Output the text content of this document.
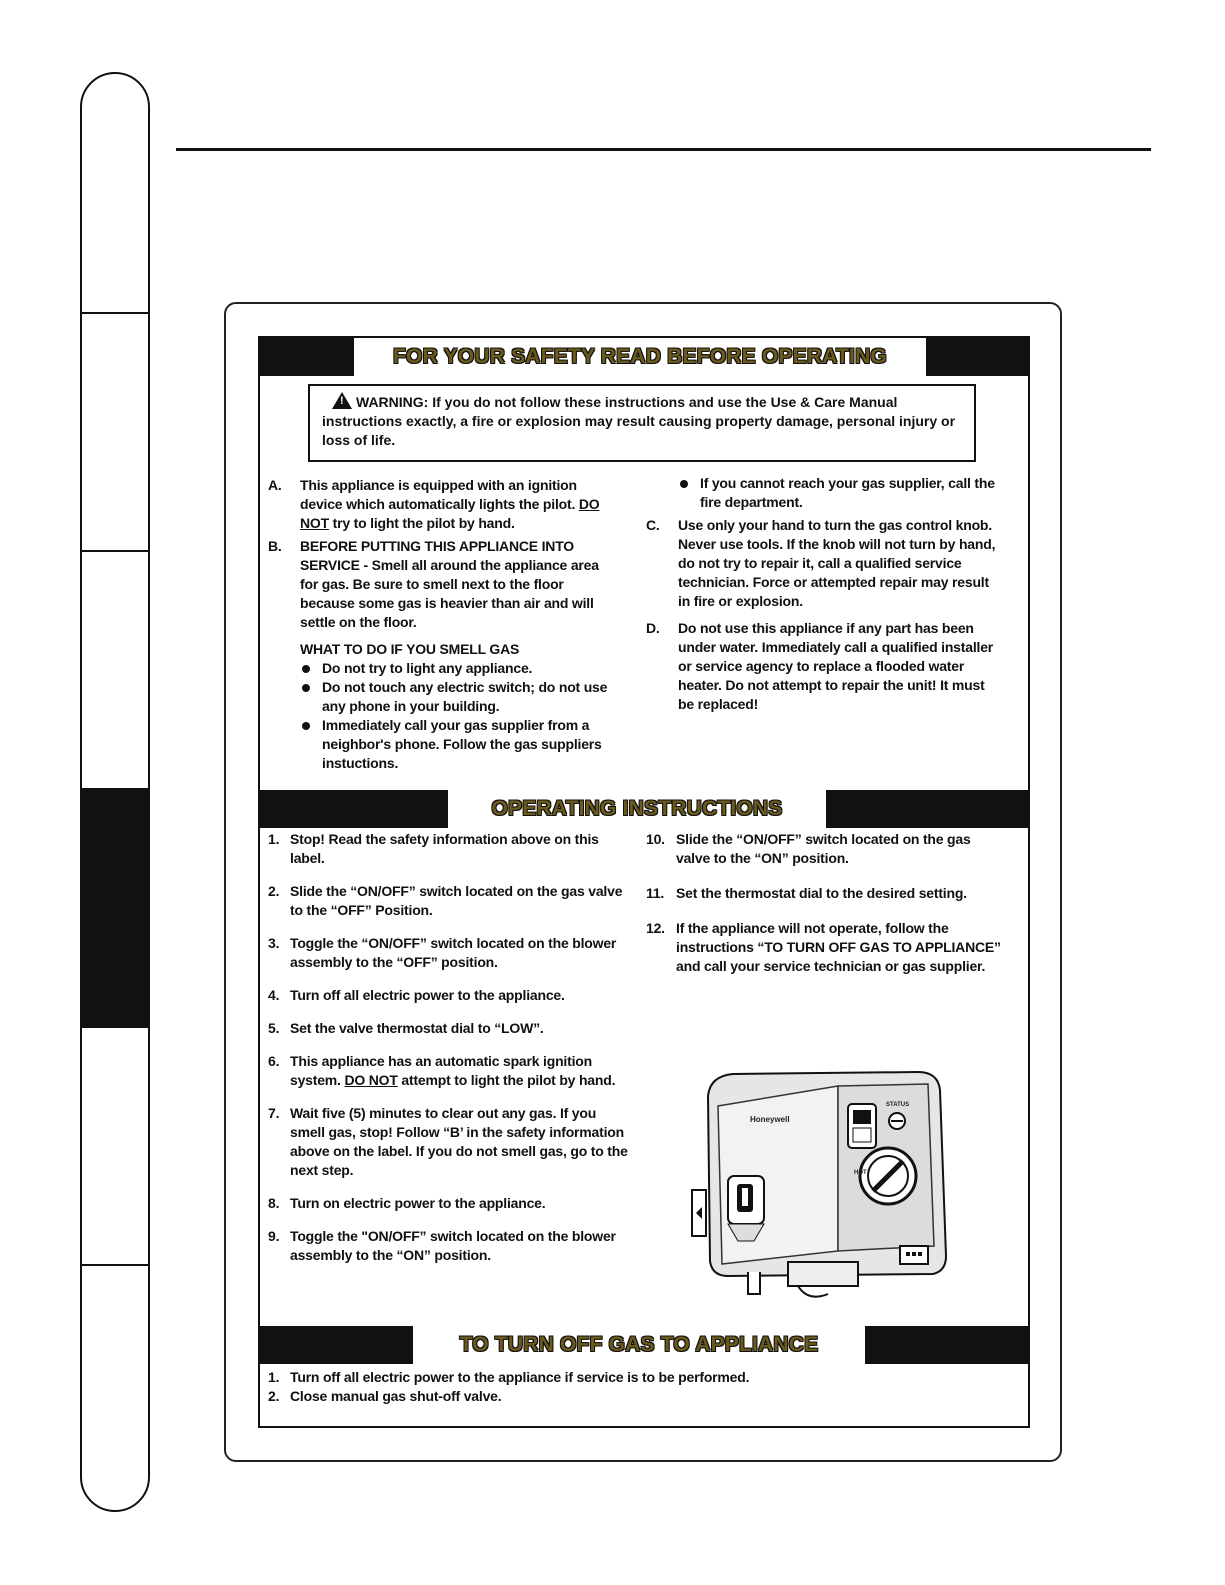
FOR YOUR SAFETY READ BEFORE OPERATING
!WARNING: If you do not follow these instructions and use the Use & Care Manual instructions exactly, a fire or explosion may result causing property damage, personal injury or loss of life.
A. This appliance is equipped with an ignition device which automatically lights the pilot. DO NOT try to light the pilot by hand.
B. BEFORE PUTTING THIS APPLIANCE INTO SERVICE - Smell all around the appliance area for gas. Be sure to smell next to the floor because some gas is heavier than air and will settle on the floor.
WHAT TO DO IF YOU SMELL GAS
Do not try to light any appliance.
Do not touch any electric switch; do not use any phone in your building.
Immediately call your gas supplier from a neighbor's phone. Follow the gas suppliers instuctions.
If you cannot reach your gas supplier, call the fire department.
C. Use only your hand to turn the gas control knob. Never use tools. If the knob will not turn by hand, do not try to repair it, call a qualified service technician. Force or attempted repair may result in fire or explosion.
D. Do not use this appliance if any part has been under water. Immediately call a qualified installer or service agency to replace a flooded water heater. Do not attempt to repair the unit! It must be replaced!
OPERATING INSTRUCTIONS
1. Stop! Read the safety information above on this label.
2. Slide the “ON/OFF” switch located on the gas valve to the “OFF” Position.
3. Toggle the “ON/OFF” switch located on the blower assembly to the “OFF” position.
4. Turn off all electric power to the appliance.
5. Set the valve thermostat dial to “LOW”.
6. This appliance has an automatic spark ignition system. DO NOT attempt to light the pilot by hand.
7. Wait five (5) minutes to clear out any gas. If you smell gas, stop! Follow “B’ in the safety information above on the label. If you do not smell gas, go to the next step.
8. Turn on electric power to the appliance.
9. Toggle the "ON/OFF” switch located on the blower assembly to the “ON” position.
10. Slide the “ON/OFF” switch located on the gas valve to the “ON” position.
11. Set the thermostat dial to the desired setting.
12. If the appliance will not operate, follow the instructions “TO TURN OFF GAS TO APPLIANCE” and call your service technician or gas supplier.
Honeywell
STATUS
HOT
TO TURN OFF GAS TO APPLIANCE
1. Turn off all electric power to the appliance if service is to be performed.
2. Close manual gas shut-off valve.
